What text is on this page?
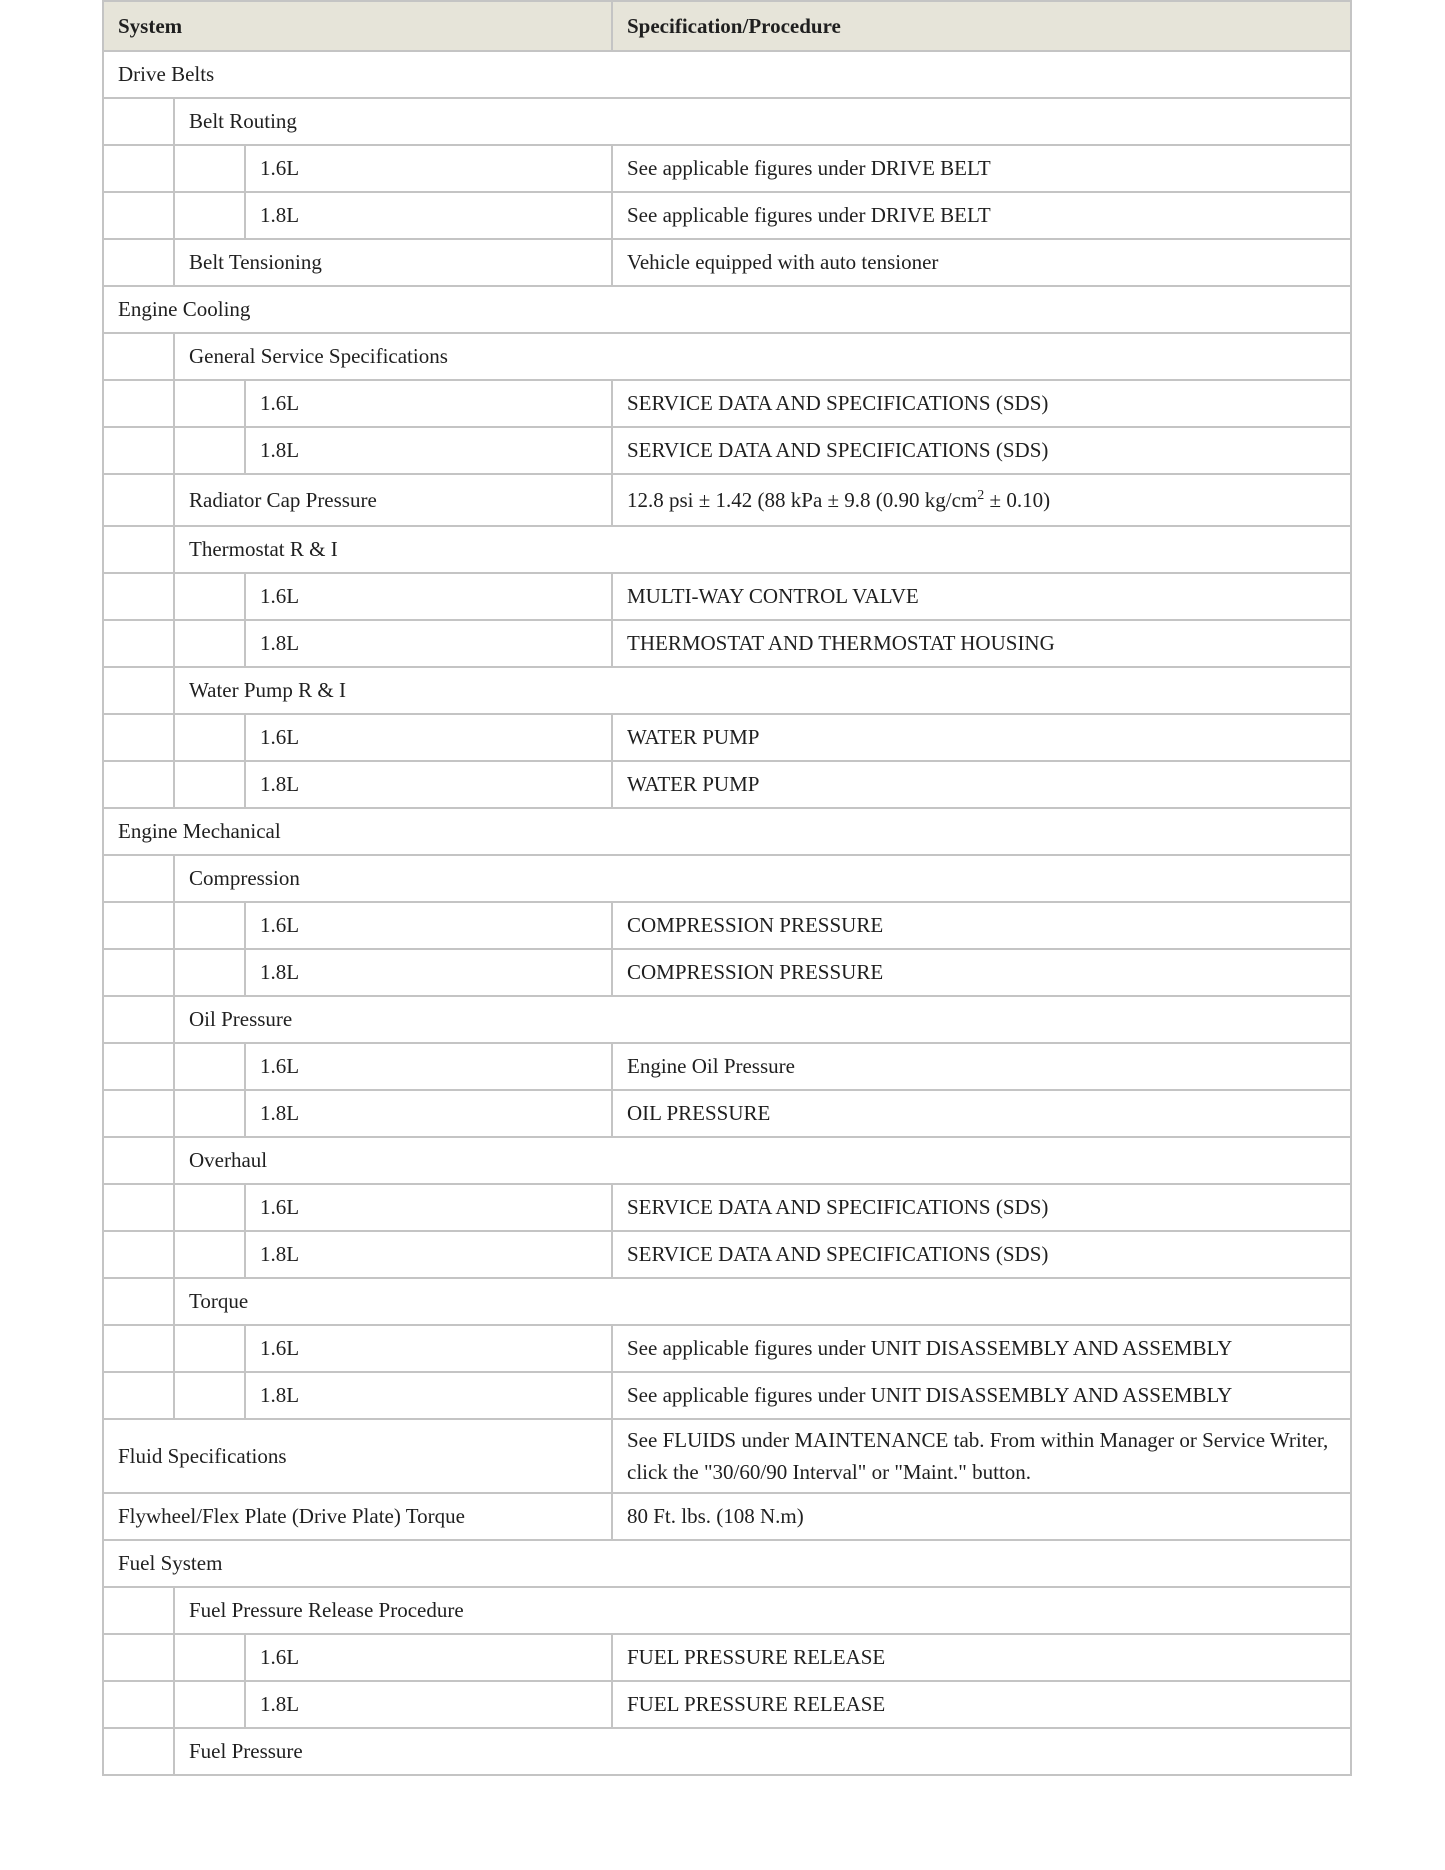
System			Specification/Procedure
Drive Belts			
	Belt Routing		
		1.6L	See applicable figures under DRIVE BELT
		1.8L	See applicable figures under DRIVE BELT
	Belt Tensioning		Vehicle equipped with auto tensioner
Engine Cooling			
	General Service Specifications		
		1.6L	SERVICE DATA AND SPECIFICATIONS (SDS)
		1.8L	SERVICE DATA AND SPECIFICATIONS (SDS)
	Radiator Cap Pressure		12.8 psi ± 1.42 (88 kPa ± 9.8 (0.90 $kg/cm^2 \pm 0.10$)
	Thermostat R & I		
		1.6L	MULTI-WAY CONTROL VALVE
		1.8L	THERMOSTAT AND THERMOSTAT HOUSING
	Water Pump R & I		
		1.6L	WATER PUMP
		1.8L	WATER PUMP
Engine Mechanical			
	Compression		
		1.6L	COMPRESSION PRESSURE
		1.8L	COMPRESSION PRESSURE
	Oil Pressure		
		1.6L	Engine Oil Pressure
		1.8L	OIL PRESSURE
	Overhaul		
		1.6L	SERVICE DATA AND SPECIFICATIONS (SDS)
		1.8L	SERVICE DATA AND SPECIFICATIONS (SDS)
	Torque		
		1.6L	See applicable figures under UNIT DISASSEMBLY AND ASSEMBLY
		1.8L	See applicable figures under UNIT DISASSEMBLY AND ASSEMBLY
Fluid Specifications			See FLUIDS under MAINTENANCE tab. From within Manager or Service Writer, click the "30/60/90 Interval" or "Maint." button.
Flywheel/Flex Plate (Drive Plate) Torque			80 Ft. lbs. (108 N.m)
Fuel System			
	Fuel Pressure Release Procedure		
		1.6L	FUEL PRESSURE RELEASE
		1.8L	FUEL PRESSURE RELEASE
	Fuel Pressure		
